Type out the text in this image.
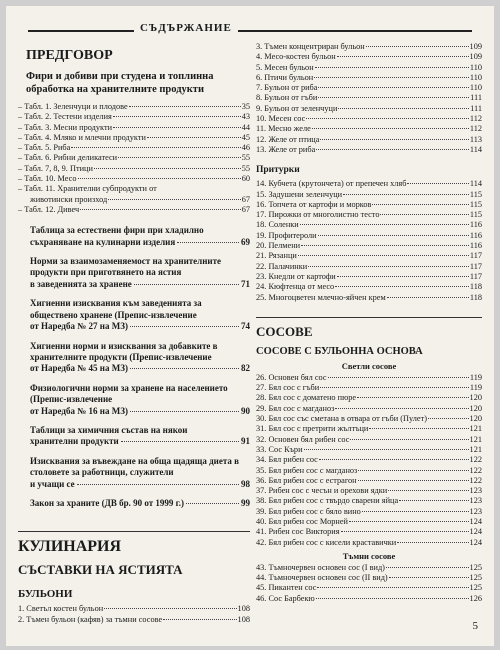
СЪДЪРЖАНИЕ
ПРЕДГОВОР
Фири и добиви при студена и топлинна обработка на хранителните продукти
– Табл. 1. Зеленчуци и плодове	35
– Табл. 2. Тестени изделия	43
– Табл. 3. Месни продукти	44
– Табл. 4. Мляко и млечни продукти	45
– Табл. 5. Риба	46
– Табл. 6. Рибни деликатеси	55
– Табл. 7, 8, 9. Птици	55
– Табл. 10. Месо	60
– Табл. 11. Хранителни субпродукти от
животински произход	67
– Табл. 12. Дивеч	67
Таблица за естествени фири при хладилно
съхраняване на кулинарни изделия	69
Норми за взаимозаменяемост на хранителните продукти при приготвянето на ястия
в заведенията за хранене	71
Хигиенни изисквания към заведенията за обществено хранене (Препис-извлечение
от Наредба № 27 на МЗ)	74
Хигиенни норми и изисквания за добавките в хранителните продукти (Препис-извлечение
от Наредба № 45 на МЗ)	82
Физиологични норми за хранене на населението (Препис-извлечение
от Наредба № 16 на МЗ)	90
Таблици за химичния състав на някои
хранителни продукти	91
Изисквания за въвеждане на обща щадяща диета в столовете за работници, служители
и учащи се	98
Закон за храните (ДВ бр. 90 от 1999 г.)	99
КУЛИНАРИЯ
СЪСТАВКИ НА ЯСТИЯТА
БУЛЬОНИ
1. Светъл костен бульон	108
2. Тъмен бульон (кафяв) за тъмни сосове	108
3. Тъмен концентриран бульон	109
4. Месо-костен бульон	109
5. Месен бульон	110
6. Птичи бульон	110
7. Бульон от риба	110
8. Бульон от гъби	111
9. Бульон от зеленчуци	111
10. Месен сос	112
11. Месно желе	112
12. Желе от птица	113
13. Желе от риба	114
Притурки
14. Кубчета (крутончета) от препечен хляб	114
15. Задушени зеленчуци	115
16. Топчета от картофи и морков	115
17. Пирожки от многолистно тесто	115
18. Соленки	116
19. Профитероли	116
20. Пелмени	116
21. Рязанци	117
22. Палачинки	117
23. Кнедли от картофи	117
24. Кюфтенца от месо	118
25. Многоцветен млечно-яйчен крем	118
СОСОВЕ
СОСОВЕ С БУЛЬОННА ОСНОВА
Светли сосове
26. Основен бял сос	119
27. Бял сос с гъби	119
28. Бял сос с доматено пюре	120
29. Бял сос с магданоз	120
30. Бял сос със сметана в отвара от гъби (Пулет)	120
31. Бял сос с претрити жълтъци	121
32. Основен бял рибен сос	121
33. Сос Къри	121
34. Бял рибен сос	122
35. Бял рибен сос с магданоз	122
36. Бял рибен сос с естрагон	122
37. Рибен сос с чесън и орехови ядки	123
38. Бял рибен сос с твърдо сварени яйца	123
39. Бял рибен сос с бяло вино	123
40. Бял рибен сос Морней	124
41. Рибен сос Виктория	124
42. Бял рибен сос с кисели краставички	124
Тъмни сосове
43. Тъмночервен основен сос (I вид)	125
44. Тъмночервен основен сос (II вид)	125
45. Пикантен сос	125
46. Сос Барбекю	126
5
